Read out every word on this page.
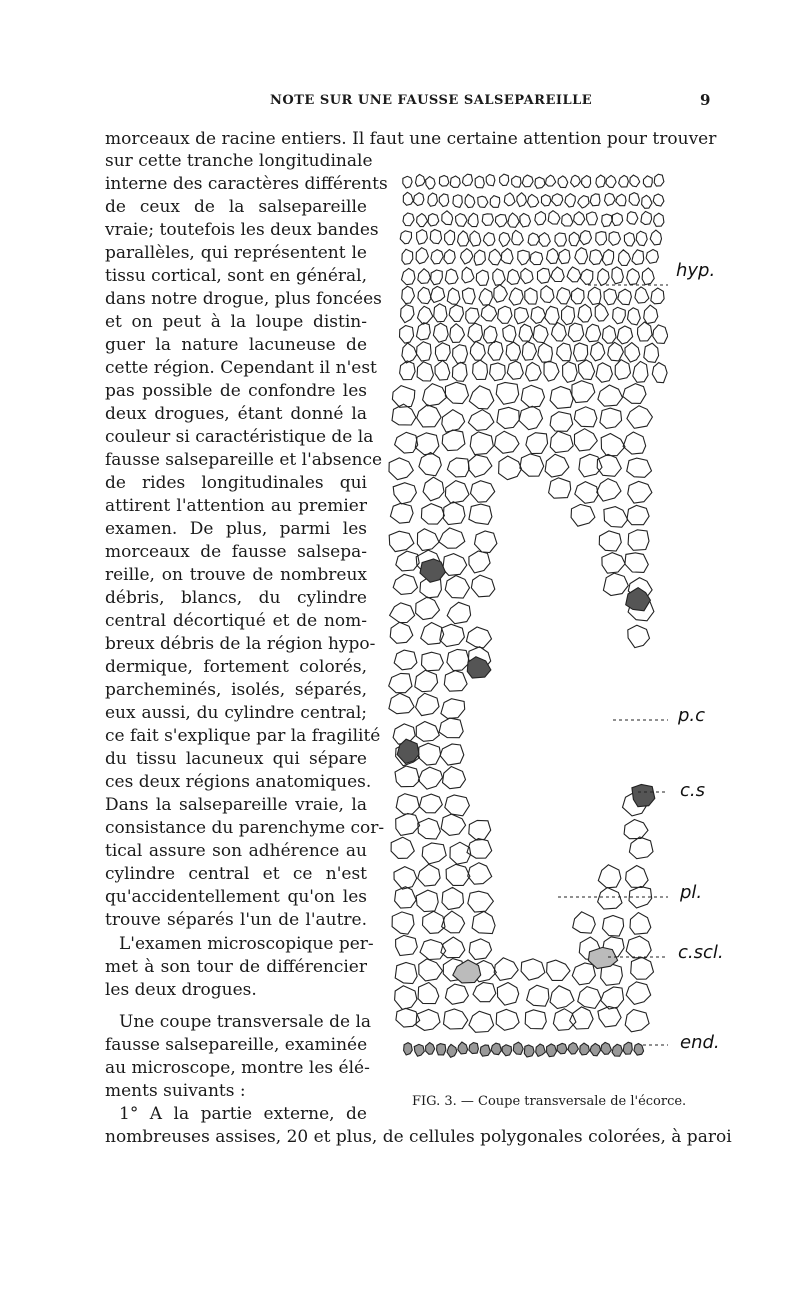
NOTE SUR UNE FAUSSE SALSEPAREILLE	9
morceaux de racine entiers. Il faut une certaine attention pour trouver
sur cette tranche longitudinale
interne des caractères différents
de ceux de la salsepareille
vraie; toutefois les deux bandes
parallèles, qui représentent le
tissu cortical, sont en général,
dans notre drogue, plus foncées
et on peut à la loupe distin-
guer la nature lacuneuse de
cette région. Cependant il n'est
pas possible de confondre les
deux drogues, étant donné la
couleur si caractéristique de la
fausse salsepareille et l'absence
de rides longitudinales qui
attirent l'attention au premier
examen. De plus, parmi les
morceaux de fausse salsepa-
reille, on trouve de nombreux
débris, blancs, du cylindre
central décortiqué et de nom-
breux débris de la région hypo-
dermique, fortement colorés,
parcheminés, isolés, séparés,
eux aussi, du cylindre central;
ce fait s'explique par la fragilité
du tissu lacuneux qui sépare
ces deux régions anatomiques.
Dans la salsepareille vraie, la
consistance du parenchyme cor-
tical assure son adhérence au
cylindre central et ce n'est
qu'accidentellement qu'on les
trouve séparés l'un de l'autre.
L'examen microscopique per-
met à son tour de différencier
les deux drogues.
Une coupe transversale de la
fausse salsepareille, examinée
au microscope, montre les élé-
ments suivants :
1° A la partie externe, de
nombreuses assises, 20 et plus, de cellules polygonales colorées, à paroi
hyp.
p.c
c.s
pl.
c.scl.
end.
FIG. 3. — Coupe transversale de l'écorce.
